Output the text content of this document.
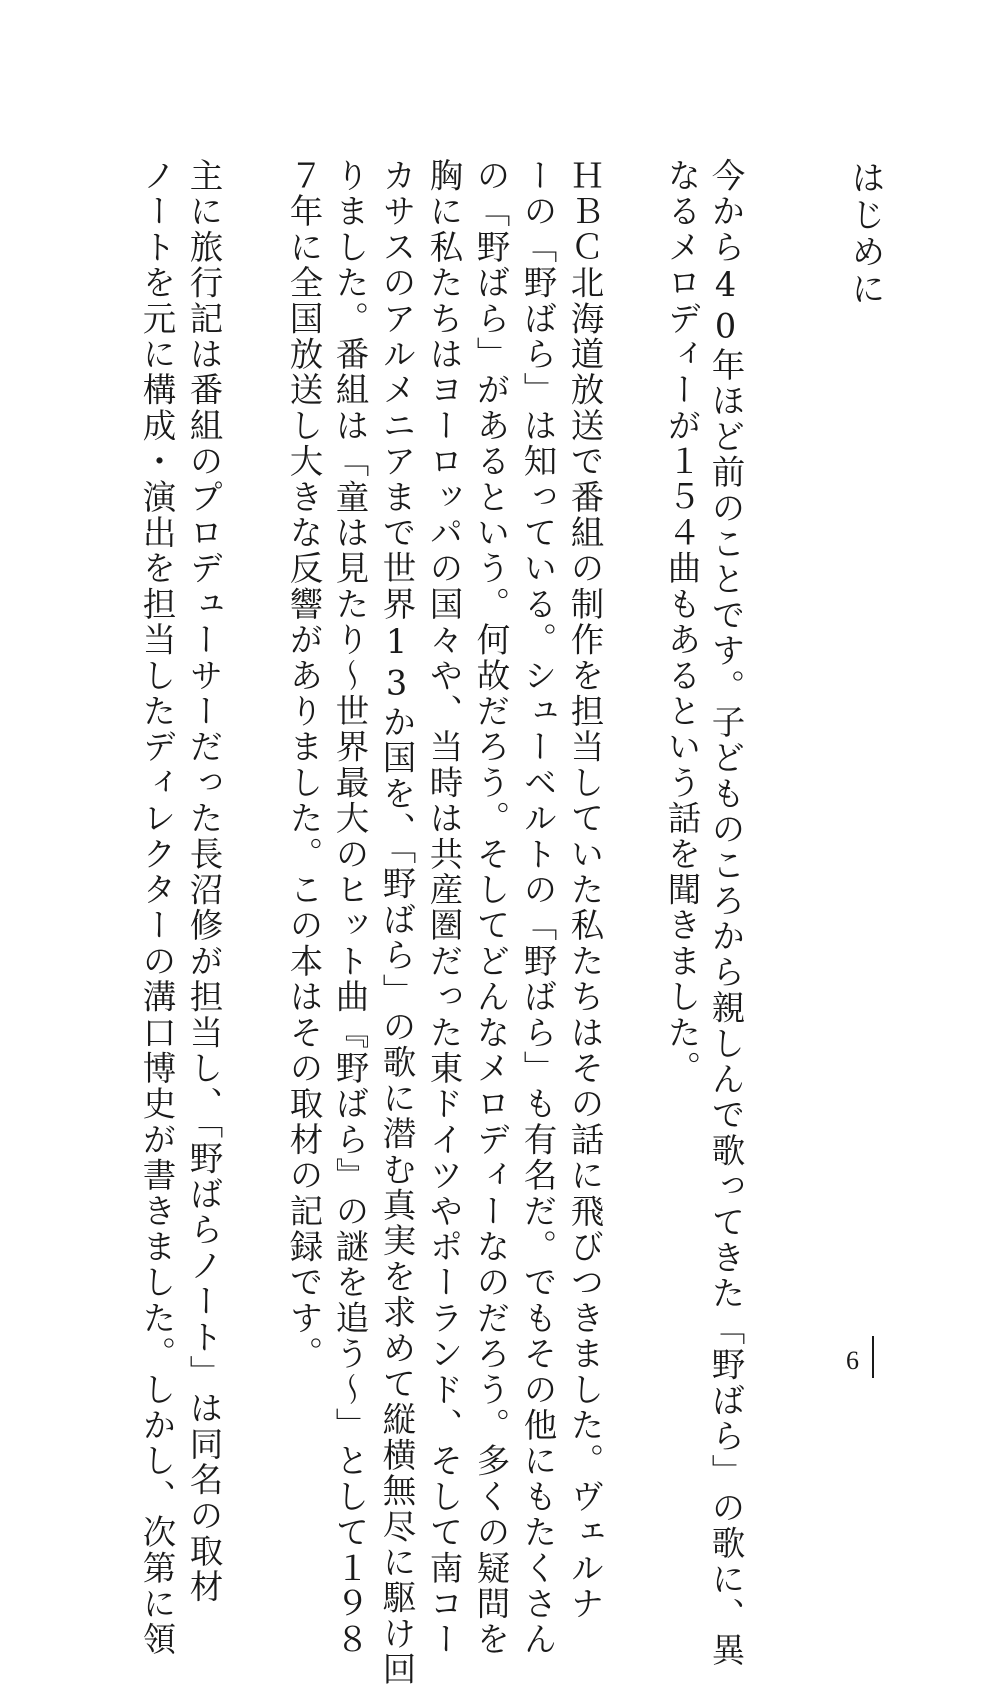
はじめに
今から40年ほど前のことです。子どものころから親しんで歌ってきた「野ばら」の歌に、異
なるメロディーが１５４曲もあるという話を聞きました。
ＨＢＣ北海道放送で番組の制作を担当していた私たちはその話に飛びつきました。ヴェルナ
ーの「野ばら」は知っている。シューベルトの「野ばら」も有名だ。でもその他にもたくさん
の「野ばら」があるという。何故だろう。そしてどんなメロディーなのだろう。多くの疑問を
胸に私たちはヨーロッパの国々や、当時は共産圏だった東ドイツやポーランド、そして南コー
カサスのアルメニアまで世界13か国を、「野ばら」の歌に潜む真実を求めて縦横無尽に駆け回
りました。番組は「童は見たり〜世界最大のヒット曲『野ばら』の謎を追う〜」として１９８
７年に全国放送し大きな反響がありました。この本はその取材の記録です。
主に旅行記は番組のプロデューサーだった長沼修が担当し、「野ばらノート」は同名の取材
ノートを元に構成・演出を担当したディレクターの溝口博史が書きました。しかし、次第に領	6
